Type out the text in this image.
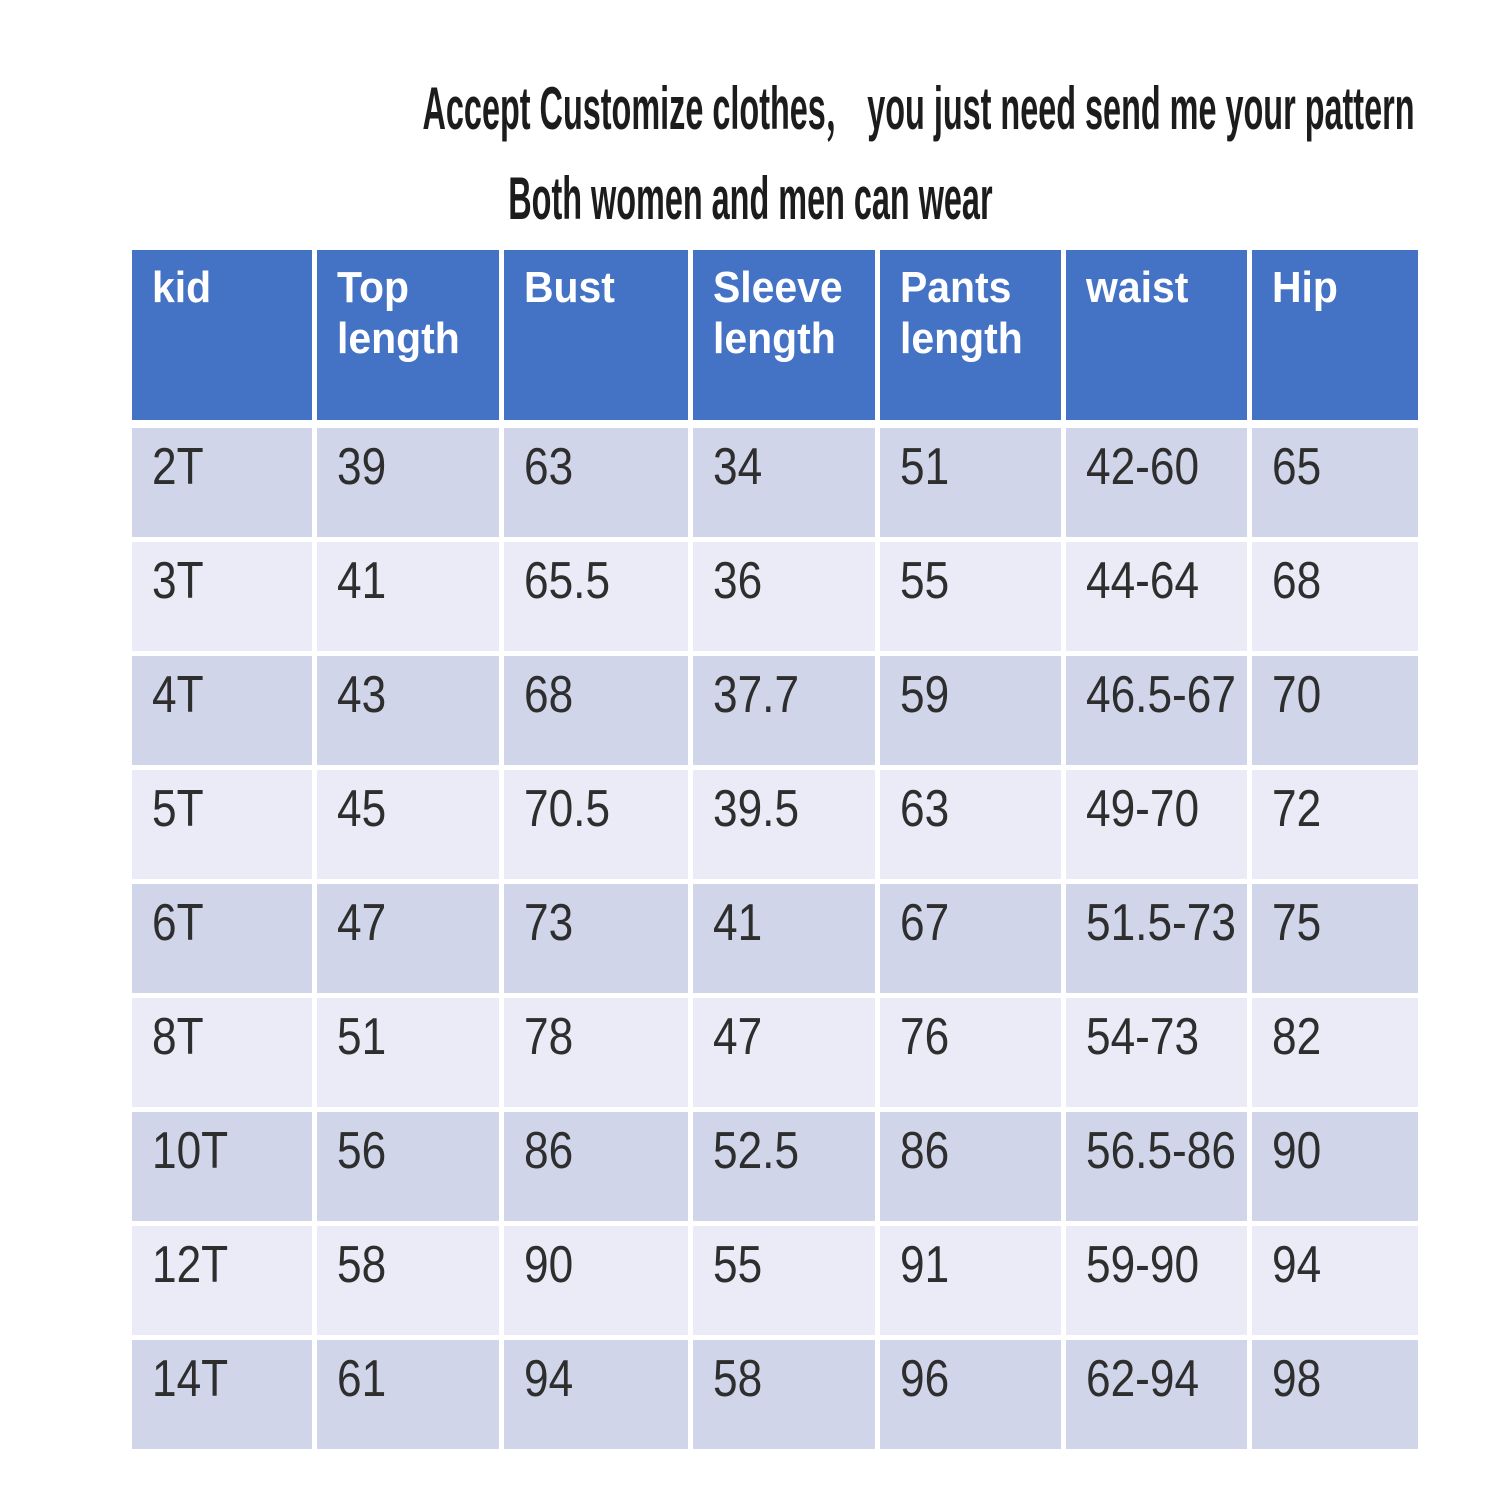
Accept Customize clothes， you just need send me your pattern
Both women and men can wear
kid	Top length	Bust	Sleeve length	Pants length	waist	Hip
2T	39	63	34	51	42-60	65
3T	41	65.5	36	55	44-64	68
4T	43	68	37.7	59	46.5-67	70
5T	45	70.5	39.5	63	49-70	72
6T	47	73	41	67	51.5-73	75
8T	51	78	47	76	54-73	82
10T	56	86	52.5	86	56.5-86	90
12T	58	90	55	91	59-90	94
14T	61	94	58	96	62-94	98
